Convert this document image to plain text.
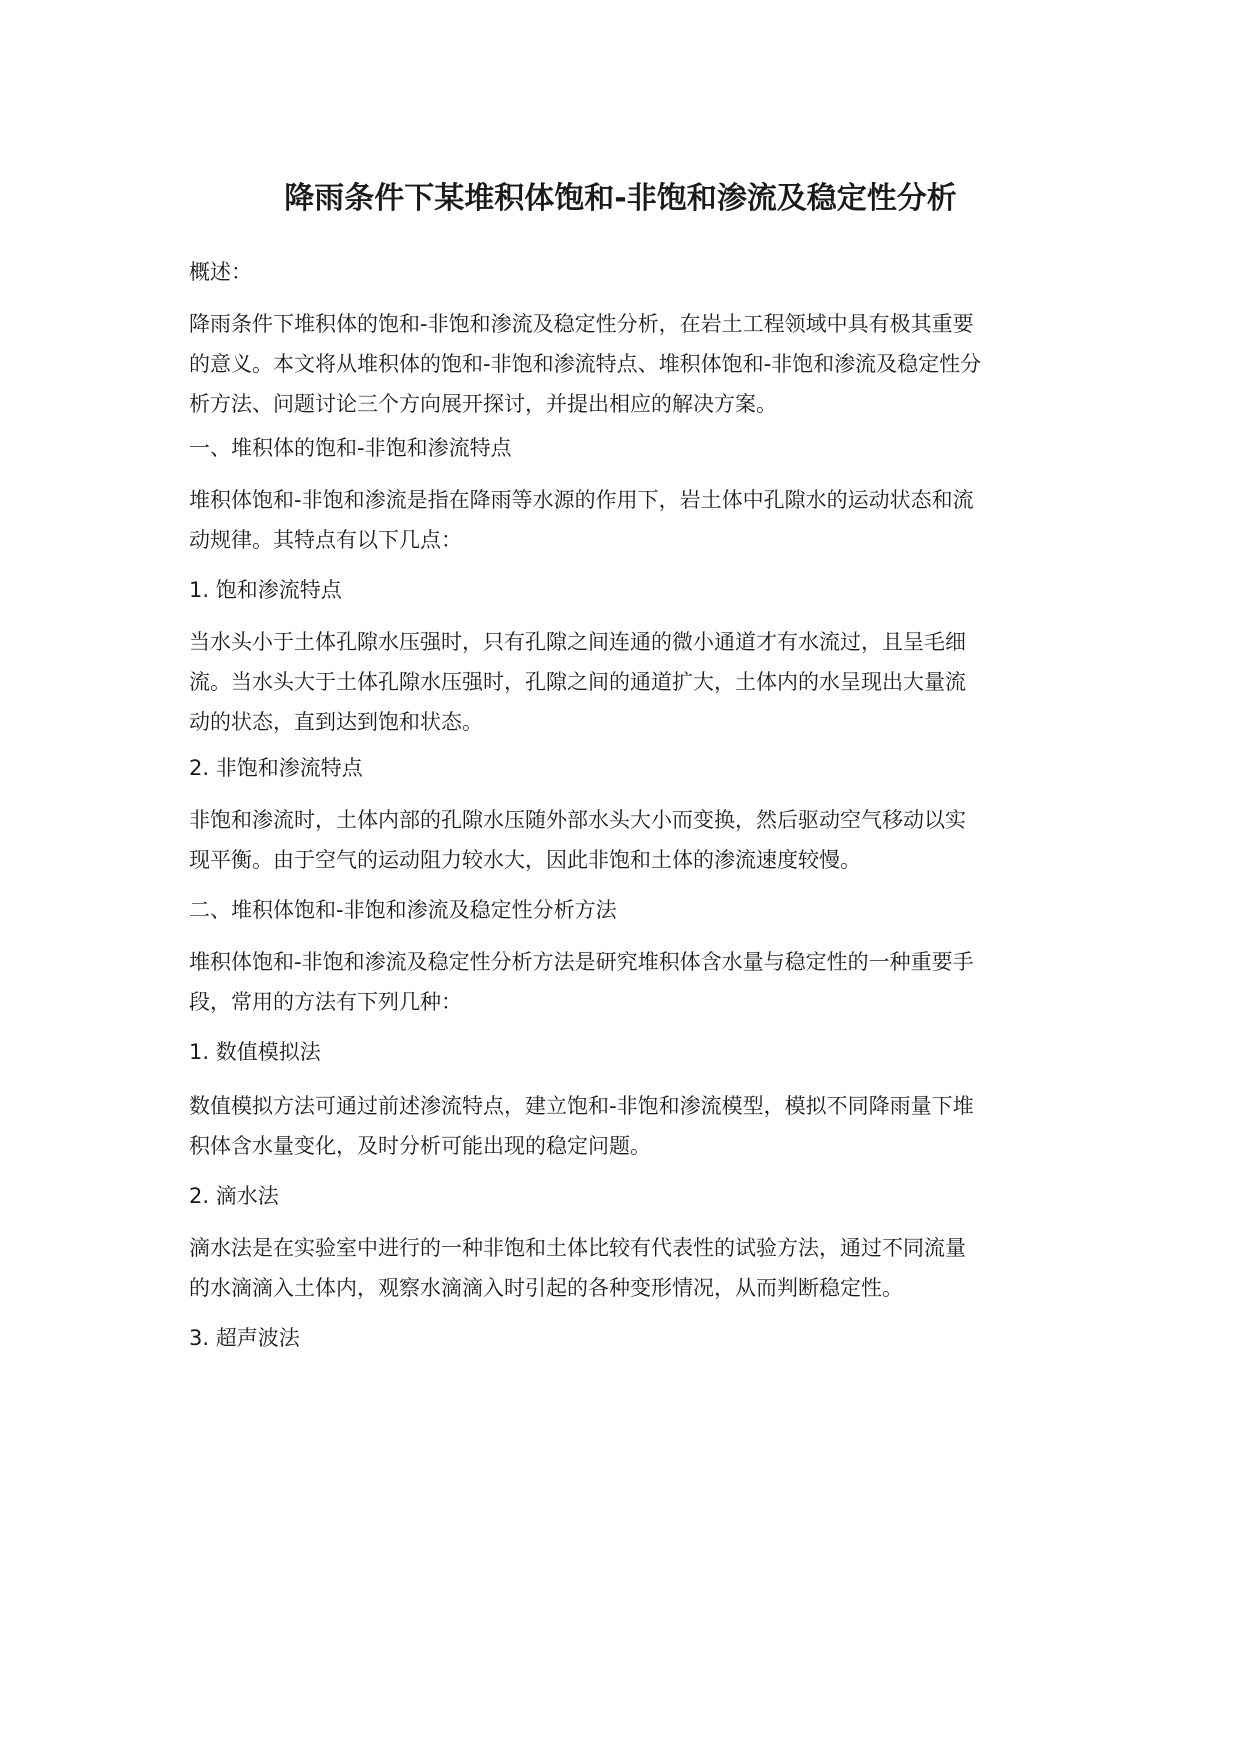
降雨条件下某堆积体饱和-非饱和渗流及稳定性分析

概述：

降雨条件下堆积体的饱和-非饱和渗流及稳定性分析，在岩土工程领域中具有极其重要
的意义。本文将从堆积体的饱和-非饱和渗流特点、堆积体饱和-非饱和渗流及稳定性分
析方法、问题讨论三个方向展开探讨，并提出相应的解决方案。

一、堆积体的饱和-非饱和渗流特点

堆积体饱和-非饱和渗流是指在降雨等水源的作用下，岩土体中孔隙水的运动状态和流
动规律。其特点有以下几点：

1. 饱和渗流特点

当水头小于土体孔隙水压强时，只有孔隙之间连通的微小通道才有水流过，且呈毛细
流。当水头大于土体孔隙水压强时，孔隙之间的通道扩大，土体内的水呈现出大量流
动的状态，直到达到饱和状态。

2. 非饱和渗流特点

非饱和渗流时，土体内部的孔隙水压随外部水头大小而变换，然后驱动空气移动以实
现平衡。由于空气的运动阻力较水大，因此非饱和土体的渗流速度较慢。

二、堆积体饱和-非饱和渗流及稳定性分析方法

堆积体饱和-非饱和渗流及稳定性分析方法是研究堆积体含水量与稳定性的一种重要手
段，常用的方法有下列几种：

1. 数值模拟法

数值模拟方法可通过前述渗流特点，建立饱和-非饱和渗流模型，模拟不同降雨量下堆
积体含水量变化，及时分析可能出现的稳定问题。

2. 滴水法

滴水法是在实验室中进行的一种非饱和土体比较有代表性的试验方法，通过不同流量
的水滴滴入土体内，观察水滴滴入时引起的各种变形情况，从而判断稳定性。

3. 超声波法
